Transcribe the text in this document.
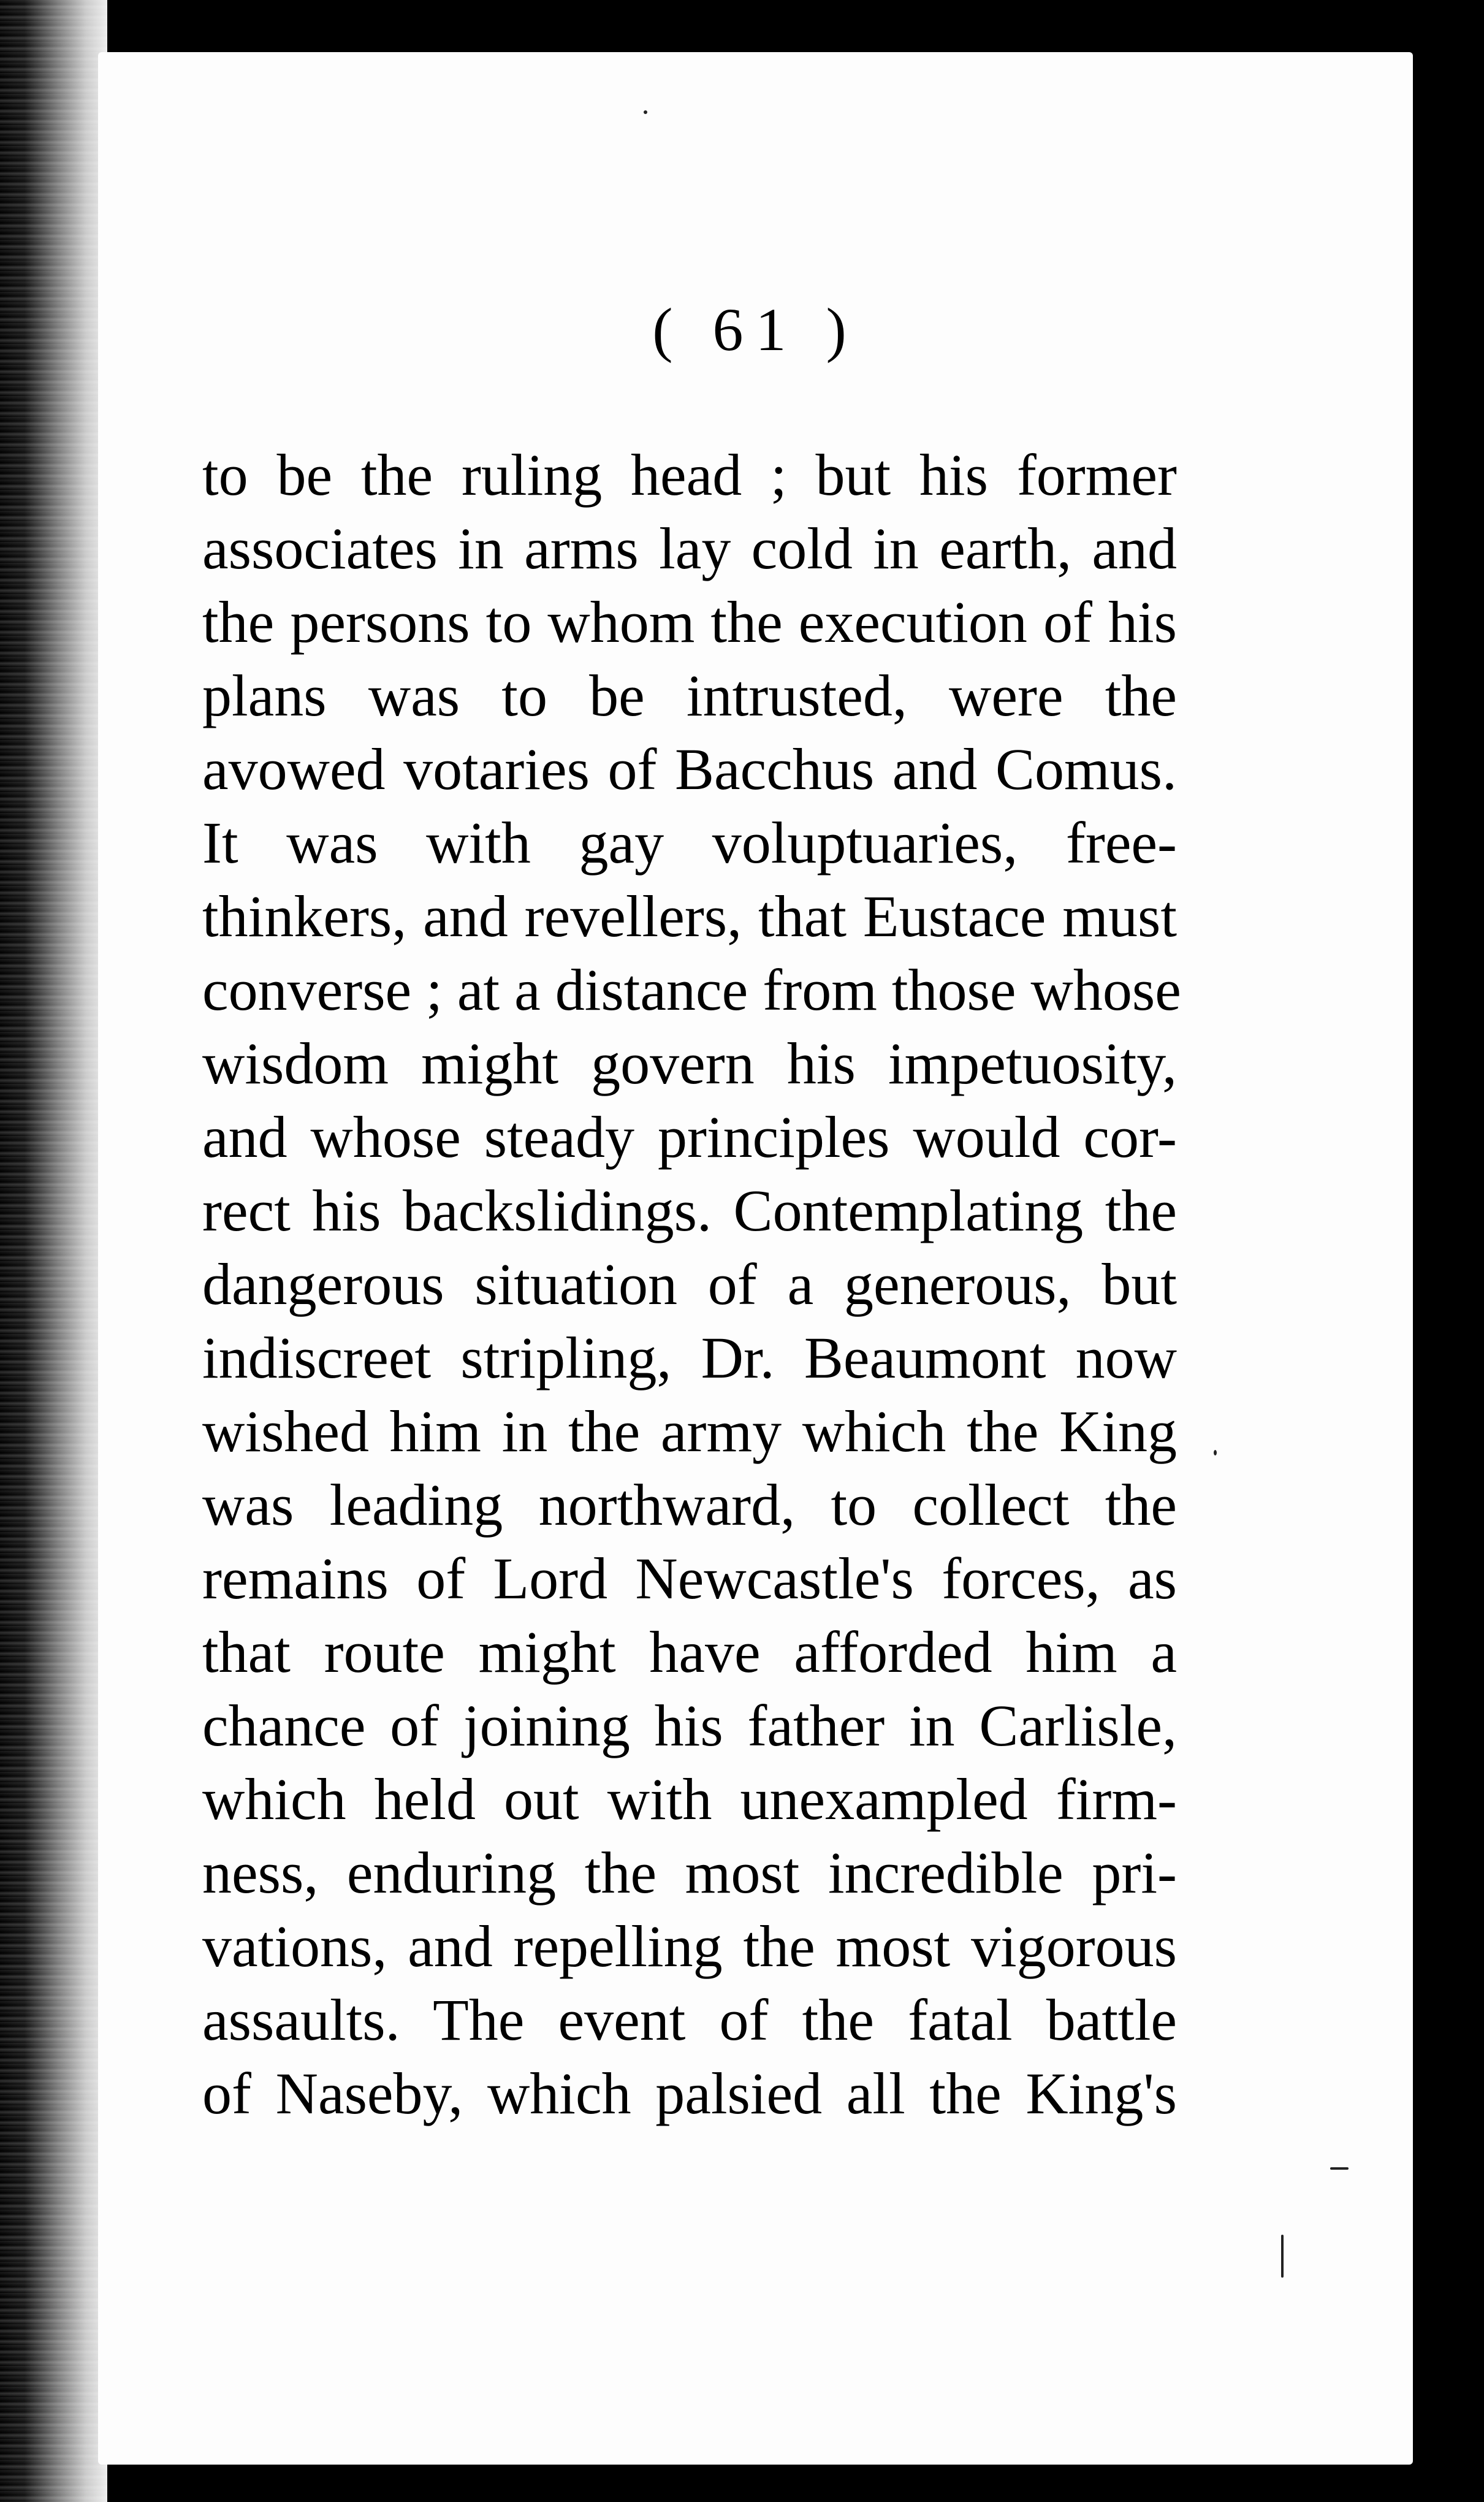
( 61 )
to be the ruling head ; but his former
associates in arms lay cold in earth, and
the persons to whom the execution of his
plans was to be intrusted, were the
avowed votaries of Bacchus and Comus.
It was with gay voluptuaries, free-
thinkers, and revellers, that Eustace must
converse ; at a distance from those whose
wisdom might govern his impetuosity,
and whose steady principles would cor-
rect his backslidings. Contemplating the
dangerous situation of a generous, but
indiscreet stripling, Dr. Beaumont now
wished him in the army which the King
was leading northward, to collect the
remains of Lord Newcastle's forces, as
that route might have afforded him a
chance of joining his father in Carlisle,
which held out with unexampled firm-
ness, enduring the most incredible pri-
vations, and repelling the most vigorous
assaults. The event of the fatal battle
of Naseby, which palsied all the King's
